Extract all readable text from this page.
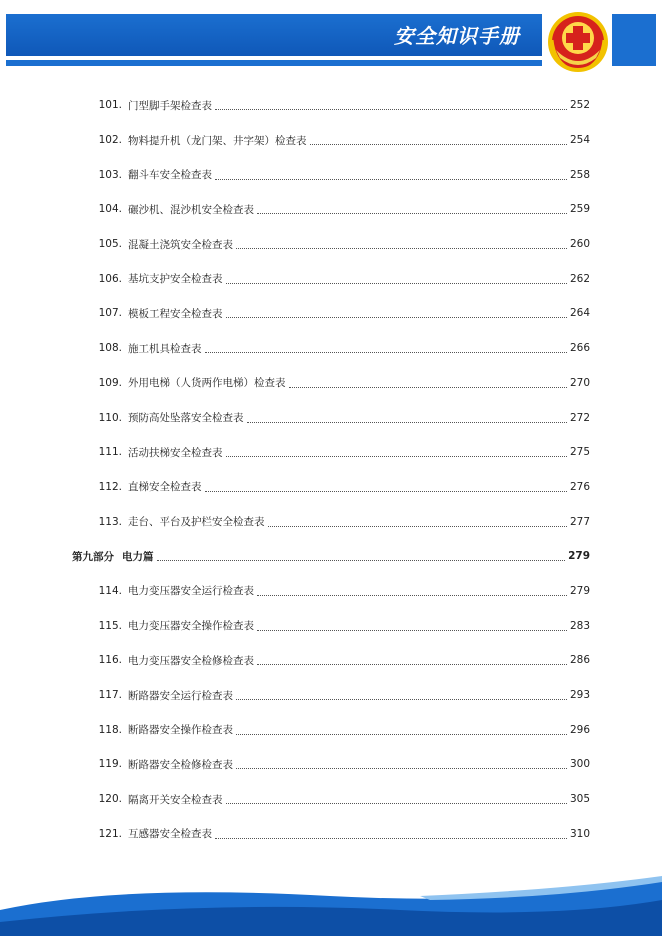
安全知识手册
101. 门型脚手架检查表	252
102. 物料提升机（龙门架、井字架）检查表	254
103. 翻斗车安全检查表	258
104. 碾沙机、混沙机安全检查表	259
105. 混凝土浇筑安全检查表	260
106. 基坑支护安全检查表	262
107. 模板工程安全检查表	264
108. 施工机具检查表	266
109. 外用电梯（人货两作电梯）检查表	270
110. 预防高处坠落安全检查表	272
111. 活动扶梯安全检查表	275
112. 直梯安全检查表	276
113. 走台、平台及护栏安全检查表	277
第九部分 电力篇	279
114. 电力变压器安全运行检查表	279
115. 电力变压器安全操作检查表	283
116. 电力变压器安全检修检查表	286
117. 断路器安全运行检查表	293
118. 断路器安全操作检查表	296
119. 断路器安全检修检查表	300
120. 隔离开关安全检查表	305
121. 互感器安全检查表	310
